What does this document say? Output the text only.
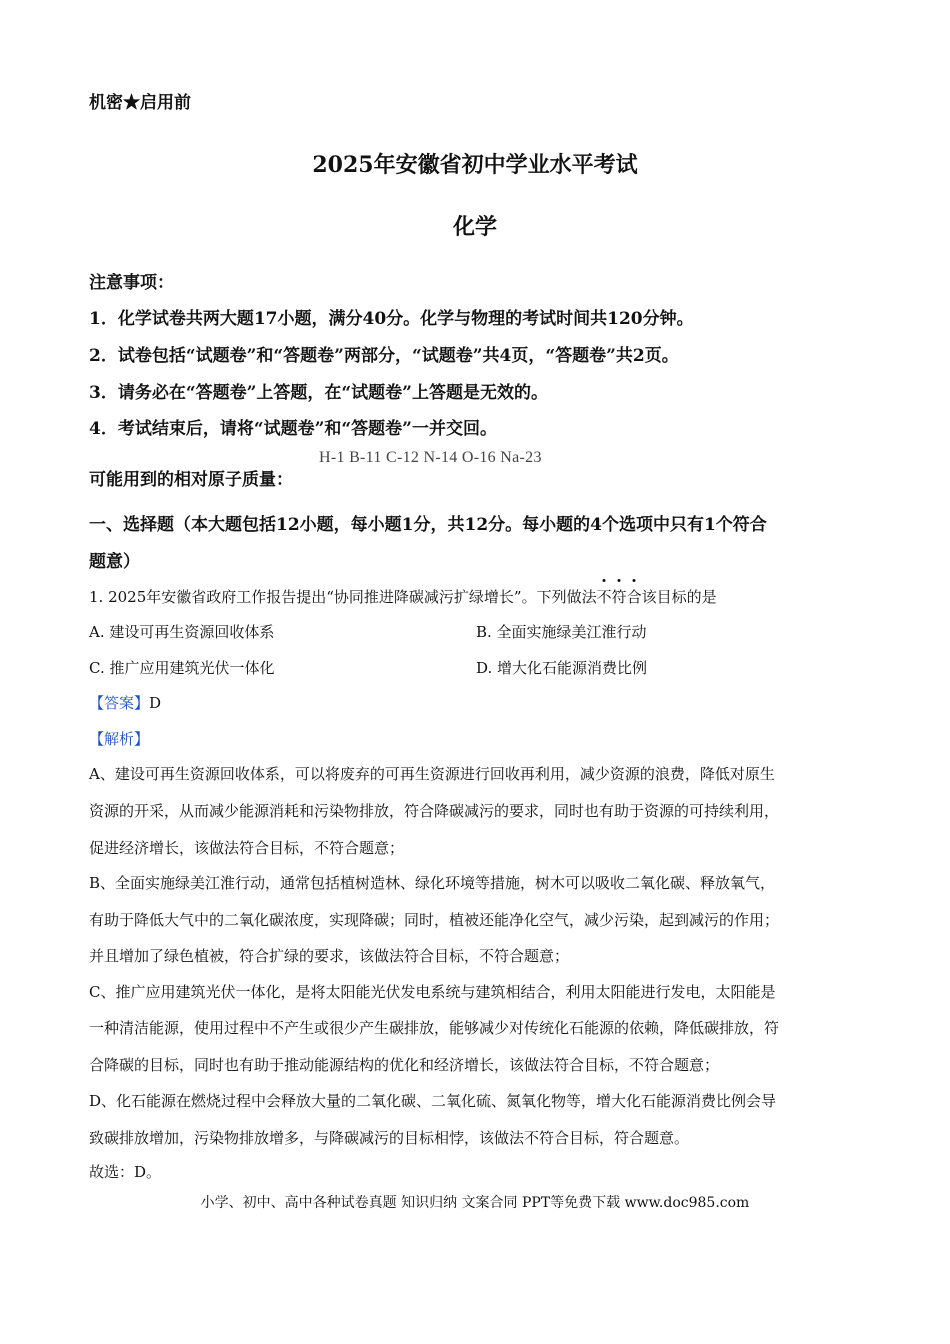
机密★启用前
2025年安徽省初中学业水平考试
化学
注意事项：
1．化学试卷共两大题17小题，满分40分。化学与物理的考试时间共120分钟。
2．试卷包括“试题卷”和“答题卷”两部分，“试题卷”共4页，“答题卷”共2页。
3．请务必在“答题卷”上答题，在“试题卷”上答题是无效的。
4．考试结束后，请将“试题卷”和“答题卷”一并交回。
可能用到的相对原子质量：
H-1 B-11 C-12 N-14 O-16 Na-23
一、选择题（本大题包括12小题，每小题1分，共12分。每小题的4个选项中只有1个符合
题意）
1. 2025年安徽省政府工作报告提出“协同推进降碳减污扩绿增长”。下列做法
不符合该目标的是
A. 建设可再生资源回收体系	B. 全面实施绿美江淮行动
C. 推广应用建筑光伏一体化	D. 增大化石能源消费比例
【答案】D
【解析】
A、建设可再生资源回收体系，可以将废弃的可再生资源进行回收再利用，减少资源的浪费，降低对原生
资源的开采，从而减少能源消耗和污染物排放，符合降碳减污的要求，同时也有助于资源的可持续利用，
促进经济增长，该做法符合目标，不符合题意；
B、全面实施绿美江淮行动，通常包括植树造林、绿化环境等措施，树木可以吸收二氧化碳、释放氧气，
有助于降低大气中的二氧化碳浓度，实现降碳；同时，植被还能净化空气，减少污染，起到减污的作用；
并且增加了绿色植被，符合扩绿的要求，该做法符合目标，不符合题意；
C、推广应用建筑光伏一体化，是将太阳能光伏发电系统与建筑相结合，利用太阳能进行发电，太阳能是
一种清洁能源，使用过程中不产生或很少产生碳排放，能够减少对传统化石能源的依赖，降低碳排放，符
合降碳的目标，同时也有助于推动能源结构的优化和经济增长，该做法符合目标，不符合题意；
D、化石能源在燃烧过程中会释放大量的二氧化碳、二氧化硫、氮氧化物等，增大化石能源消费比例会导
致碳排放增加，污染物排放增多，与降碳减污的目标相悖，该做法不符合目标，符合题意。
故选：D。
小学、初中、高中各种试卷真题 知识归纳 文案合同 PPT等免费下载 www.doc985.com
